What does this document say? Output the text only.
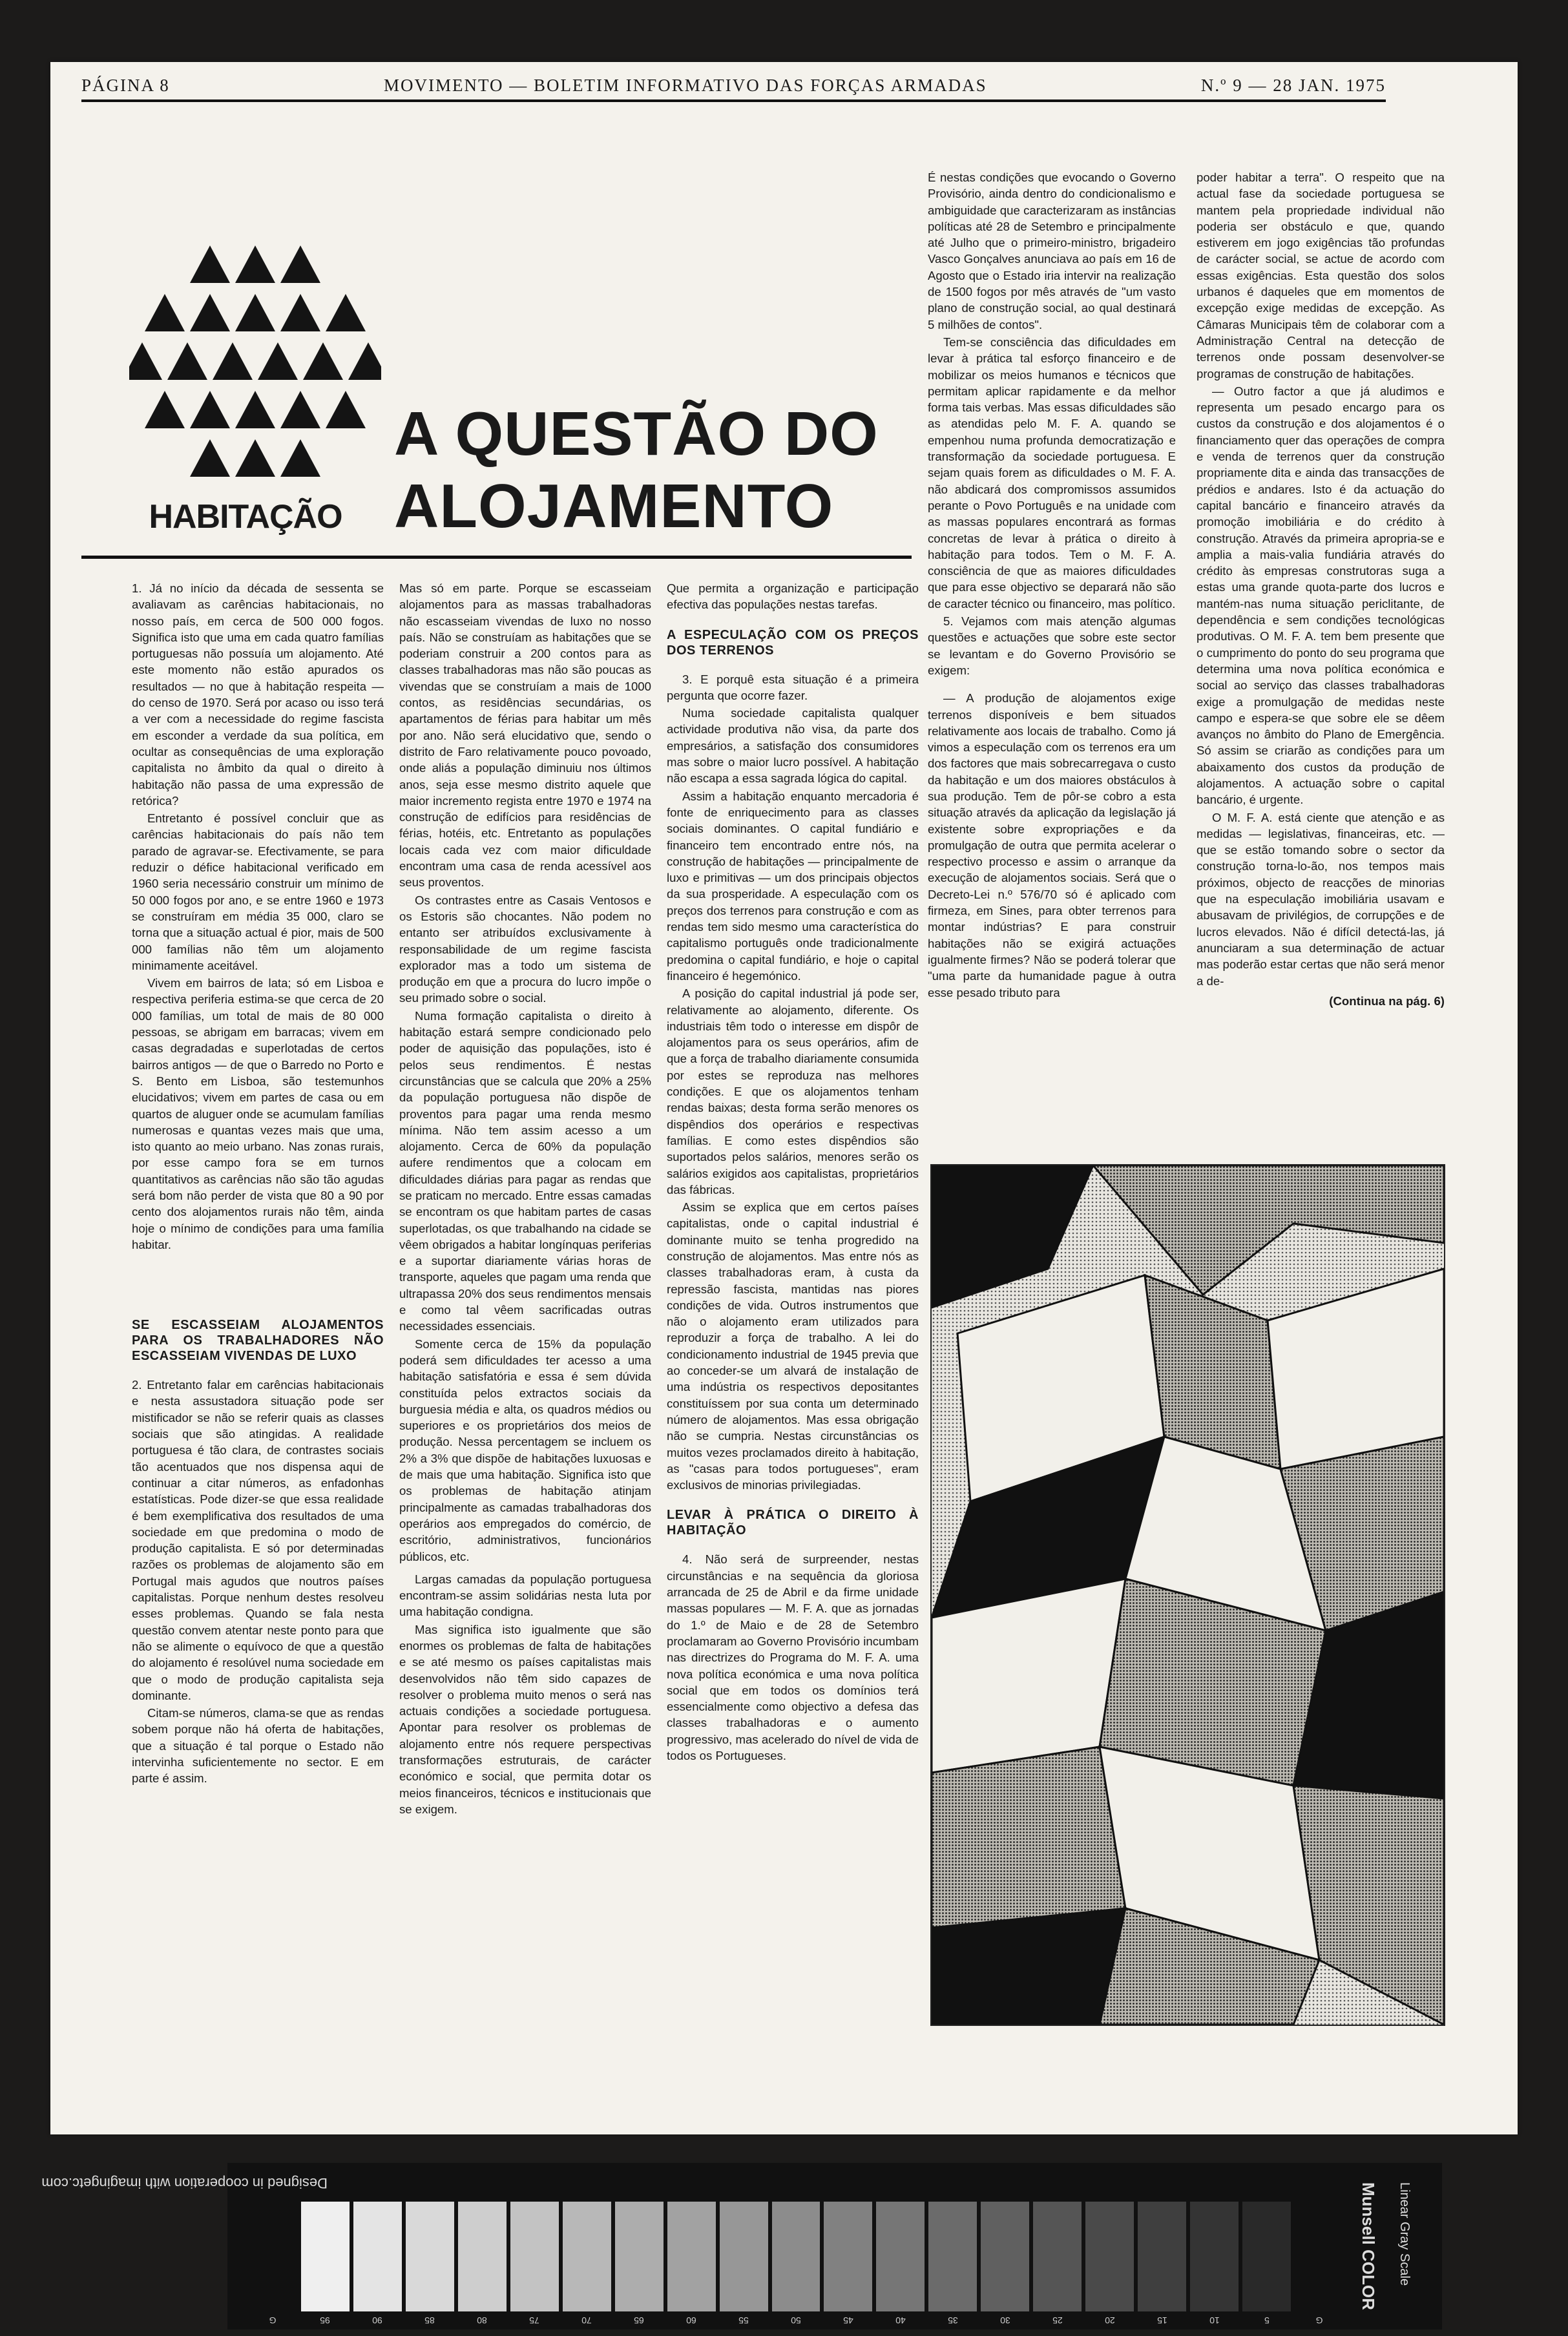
PÁGINA 8	MOVIMENTO — BOLETIM INFORMATIVO DAS FORÇAS ARMADAS	N.º 9 — 28 JAN. 1975
HABITAÇÃO
A QUESTÃO DO ALOJAMENTO

1. Já no início da década de sessenta se avaliavam as carências habitacionais, no nosso país, em cerca de 500 000 fogos. Significa isto que uma em cada quatro famílias portuguesas não possuía um alojamento. Até este momento não estão apurados os resultados — no que à habitação respeita — do censo de 1970. Será por acaso ou isso terá a ver com a necessidade do regime fascista em esconder a verdade da sua política, em ocultar as consequências de uma exploração capitalista no âmbito da qual o direito à habitação não passa de uma expressão de retórica?

Entretanto é possível concluir que as carências habitacionais do país não tem parado de agravar-se. Efectivamente, se para reduzir o défice habitacional verificado em 1960 seria necessário construir um mínimo de 50 000 fogos por ano, e se entre 1960 e 1973 se construíram em média 35 000, claro se torna que a situação actual é pior, mais de 500 000 famílias não têm um alojamento minimamente aceitável.

Vivem em bairros de lata; só em Lisboa e respectiva periferia estima-se que cerca de 20 000 famílias, um total de mais de 80 000 pessoas, se abrigam em barracas; vivem em casas degradadas e superlotadas de certos bairros antigos — de que o Barredo no Porto e S. Bento em Lisboa, são testemunhos elucidativos; vivem em partes de casa ou em quartos de aluguer onde se acumulam famílias numerosas e quantas vezes mais que uma, isto quanto ao meio urbano. Nas zonas rurais, por esse campo fora se em turnos quantitativos as carências não são tão agudas será bom não perder de vista que 80 a 90 por cento dos alojamentos rurais não têm, ainda hoje o mínimo de condições para uma família habitar.

SE ESCASSEIAM ALOJAMENTOS PARA OS TRABALHADORES NÃO ESCASSEIAM VIVENDAS DE LUXO

2. Entretanto falar em carências habitacionais e nesta assustadora situação pode ser mistificador se não se referir quais as classes sociais que são atingidas. A realidade portuguesa é tão clara, de contrastes sociais tão acentuados que nos dispensa aqui de continuar a citar números, as enfadonhas estatísticas. Pode dizer-se que essa realidade é bem exemplificativa dos resultados de uma sociedade em que predomina o modo de produção capitalista. E só por determinadas razões os problemas de alojamento são em Portugal mais agudos que noutros países capitalistas. Porque nenhum destes resolveu esses problemas. Quando se fala nesta questão convem atentar neste ponto para que não se alimente o equívoco de que a questão do alojamento é resolúvel numa sociedade em que o modo de produção capitalista seja dominante.

Citam-se números, clama-se que as rendas sobem porque não há oferta de habitações, que a situação é tal porque o Estado não intervinha suficientemente no sector. E em parte é assim.

Mas só em parte. Porque se escasseiam alojamentos para as massas trabalhadoras não escasseiam vivendas de luxo no nosso país. Não se construíam as habitações que se poderiam construir a 200 contos para as classes trabalhadoras mas não são poucas as vivendas que se construíam a mais de 1000 contos, as residências secundárias, os apartamentos de férias para habitar um mês por ano. Não será elucidativo que, sendo o distrito de Faro relativamente pouco povoado, onde aliás a população diminuiu nos últimos anos, seja esse mesmo distrito aquele que maior incremento regista entre 1970 e 1974 na construção de edifícios para residências de férias, hotéis, etc. Entretanto as populações locais cada vez com maior dificuldade encontram uma casa de renda acessível aos seus proventos.

Os contrastes entre as Casais Ventosos e os Estoris são chocantes. Não podem no entanto ser atribuídos exclusivamente à responsabilidade de um regime fascista explorador mas a todo um sistema de produção em que a procura do lucro impõe o seu primado sobre o social.

Numa formação capitalista o direito à habitação estará sempre condicionado pelo poder de aquisição das populações, isto é pelos seus rendimentos. É nestas circunstâncias que se calcula que 20% a 25% da população portuguesa não dispõe de proventos para pagar uma renda mesmo mínima. Não tem assim acesso a um alojamento. Cerca de 60% da população aufere rendimentos que a colocam em dificuldades diárias para pagar as rendas que se praticam no mercado. Entre essas camadas se encontram os que habitam partes de casas superlotadas, os que trabalhando na cidade se vêem obrigados a habitar longínquas periferias e a suportar diariamente várias horas de transporte, aqueles que pagam uma renda que ultrapassa 20% dos seus rendimentos mensais e como tal vêem sacrificadas outras necessidades essenciais.

Somente cerca de 15% da população poderá sem dificuldades ter acesso a uma habitação satisfatória e essa é sem dúvida constituída pelos extractos sociais da burguesia média e alta, os quadros médios ou superiores e os proprietários dos meios de produção. Nessa percentagem se incluem os 2% a 3% que dispõe de habitações luxuosas e de mais que uma habitação. Significa isto que os problemas de habitação atinjam principalmente as camadas trabalhadoras dos operários aos empregados do comércio, de escritório, administrativos, funcionários públicos, etc.

Largas camadas da população portuguesa encontram-se assim solidárias nesta luta por uma habitação condigna.

Mas significa isto igualmente que são enormes os problemas de falta de habitações e se até mesmo os países capitalistas mais desenvolvidos não têm sido capazes de resolver o problema muito menos o será nas actuais condições a sociedade portuguesa. Apontar para resolver os problemas de alojamento entre nós requere perspectivas transformações estruturais, de carácter económico e social, que permita dotar os meios financeiros, técnicos e institucionais que se exigem.

Que permita a organização e participação efectiva das populações nestas tarefas.

A ESPECULAÇÃO COM OS PREÇOS DOS TERRENOS

3. E porquê esta situação é a primeira pergunta que ocorre fazer.

Numa sociedade capitalista qualquer actividade produtiva não visa, da parte dos empresários, a satisfação dos consumidores mas sobre o maior lucro possível. A habitação não escapa a essa sagrada lógica do capital.

Assim a habitação enquanto mercadoria é fonte de enriquecimento para as classes sociais dominantes. O capital fundiário e financeiro tem encontrado entre nós, na construção de habitações — principalmente de luxo e primitivas — um dos principais objectos da sua prosperidade. A especulação com os preços dos terrenos para construção e com as rendas tem sido mesmo uma característica do capitalismo português onde tradicionalmente predomina o capital fundiário, e hoje o capital financeiro é hegemónico.

A posição do capital industrial já pode ser, relativamente ao alojamento, diferente. Os industriais têm todo o interesse em dispôr de alojamentos para os seus operários, afim de que a força de trabalho diariamente consumida por estes se reproduza nas melhores condições. E que os alojamentos tenham rendas baixas; desta forma serão menores os dispêndios dos operários e respectivas famílias. E como estes dispêndios são suportados pelos salários, menores serão os salários exigidos aos capitalistas, proprietários das fábricas.

Assim se explica que em certos países capitalistas, onde o capital industrial é dominante muito se tenha progredido na construção de alojamentos. Mas entre nós as classes trabalhadoras eram, à custa da repressão fascista, mantidas nas piores condições de vida. Outros instrumentos que não o alojamento eram utilizados para reproduzir a força de trabalho. A lei do condicionamento industrial de 1945 previa que ao conceder-se um alvará de instalação de uma indústria os respectivos depositantes constituíssem por sua conta um determinado número de alojamentos. Mas essa obrigação não se cumpria. Nestas circunstâncias os muitos vezes proclamados direito à habitação, as "casas para todos portugueses", eram exclusivos de minorias privilegiadas.

LEVAR À PRÁTICA O DIREITO À HABITAÇÃO

4. Não será de surpreender, nestas circunstâncias e na sequência da gloriosa arrancada de 25 de Abril e da firme unidade massas populares — M. F. A. que as jornadas do 1.º de Maio e de 28 de Setembro proclamaram ao Governo Provisório incumbam nas directrizes do Programa do M. F. A. uma nova política económica e uma nova política social que em todos os domínios terá essencialmente como objectivo a defesa das classes trabalhadoras e o aumento progressivo, mas acelerado do nível de vida de todos os Portugueses.

É nestas condições que evocando o Governo Provisório, ainda dentro do condicionalismo e ambiguidade que caracterizaram as instâncias políticas até 28 de Setembro e principalmente até Julho que o primeiro-ministro, brigadeiro Vasco Gonçalves anunciava ao país em 16 de Agosto que o Estado iria intervir na realização de 1500 fogos por mês através de "um vasto plano de construção social, ao qual destinará 5 milhões de contos".

Tem-se consciência das dificuldades em levar à prática tal esforço financeiro e de mobilizar os meios humanos e técnicos que permitam aplicar rapidamente e da melhor forma tais verbas. Mas essas dificuldades são as atendidas pelo M. F. A. quando se empenhou numa profunda democratização e transformação da sociedade portuguesa. E sejam quais forem as dificuldades o M. F. A. não abdicará dos compromissos assumidos perante o Povo Português e na unidade com as massas populares encontrará as formas concretas de levar à prática o direito à habitação para todos. Tem o M. F. A. consciência de que as maiores dificuldades que para esse objectivo se deparará não são de caracter técnico ou financeiro, mas político.

5. Vejamos com mais atenção algumas questões e actuações que sobre este sector se levantam e do Governo Provisório se exigem:

— A produção de alojamentos exige terrenos disponíveis e bem situados relativamente aos locais de trabalho. Como já vimos a especulação com os terrenos era um dos factores que mais sobrecarregava o custo da habitação e um dos maiores obstáculos à sua produção. Tem de pôr-se cobro a esta situação através da aplicação da legislação já existente sobre expropriações e da promulgação de outra que permita acelerar o respectivo processo e assim o arranque da execução de alojamentos sociais. Será que o Decreto-Lei n.º 576/70 só é aplicado com firmeza, em Sines, para obter terrenos para montar indústrias? E para construir habitações não se exigirá actuações igualmente firmes? Não se poderá tolerar que "uma parte da humanidade pague à outra esse pesado tributo para

poder habitar a terra". O respeito que na actual fase da sociedade portuguesa se mantem pela propriedade individual não poderia ser obstáculo e que, quando estiverem em jogo exigências tão profundas de carácter social, se actue de acordo com essas exigências. Esta questão dos solos urbanos é daqueles que em momentos de excepção exige medidas de excepção. As Câmaras Municipais têm de colaborar com a Administração Central na detecção de terrenos onde possam desenvolver-se programas de construção de habitações.

— Outro factor a que já aludimos e representa um pesado encargo para os custos da construção e dos alojamentos é o financiamento quer das operações de compra e venda de terrenos quer da construção propriamente dita e ainda das transacções de prédios e andares. Isto é da actuação do capital bancário e financeiro através da promoção imobiliária e do crédito à construção. Através da primeira apropria-se e amplia a mais-valia fundiária através do crédito às empresas construtoras suga a estas uma grande quota-parte dos lucros e mantém-nas numa situação periclitante, de dependência e sem condições tecnológicas produtivas. O M. F. A. tem bem presente que o cumprimento do ponto do seu programa que determina uma nova política económica e social ao serviço das classes trabalhadoras exige a promulgação de medidas neste campo e espera-se que sobre ele se dêem avanços no âmbito do Plano de Emergência. Só assim se criarão as condições para um abaixamento dos custos da produção de alojamentos. A actuação sobre o capital bancário, é urgente.

O M. F. A. está ciente que atenção e as medidas — legislativas, financeiras, etc. — que se estão tomando sobre o sector da construção torna-lo-ão, nos tempos mais próximos, objecto de reacções de minorias que na especulação imobiliária usavam e abusavam de privilégios, de corrupções e de lucros elevados. Não é difícil detectá-las, já anunciaram a sua determinação de actuar mas poderão estar certas que não será menor a de-

(Continua na pág. 6)

Designed in cooperation with imagingetc.com
G	95	90	85	80	75	70	65	60	55	50	45	40	35	30	25	20	15	10	5	G
Munsell COLOR Linear Gray Scale
